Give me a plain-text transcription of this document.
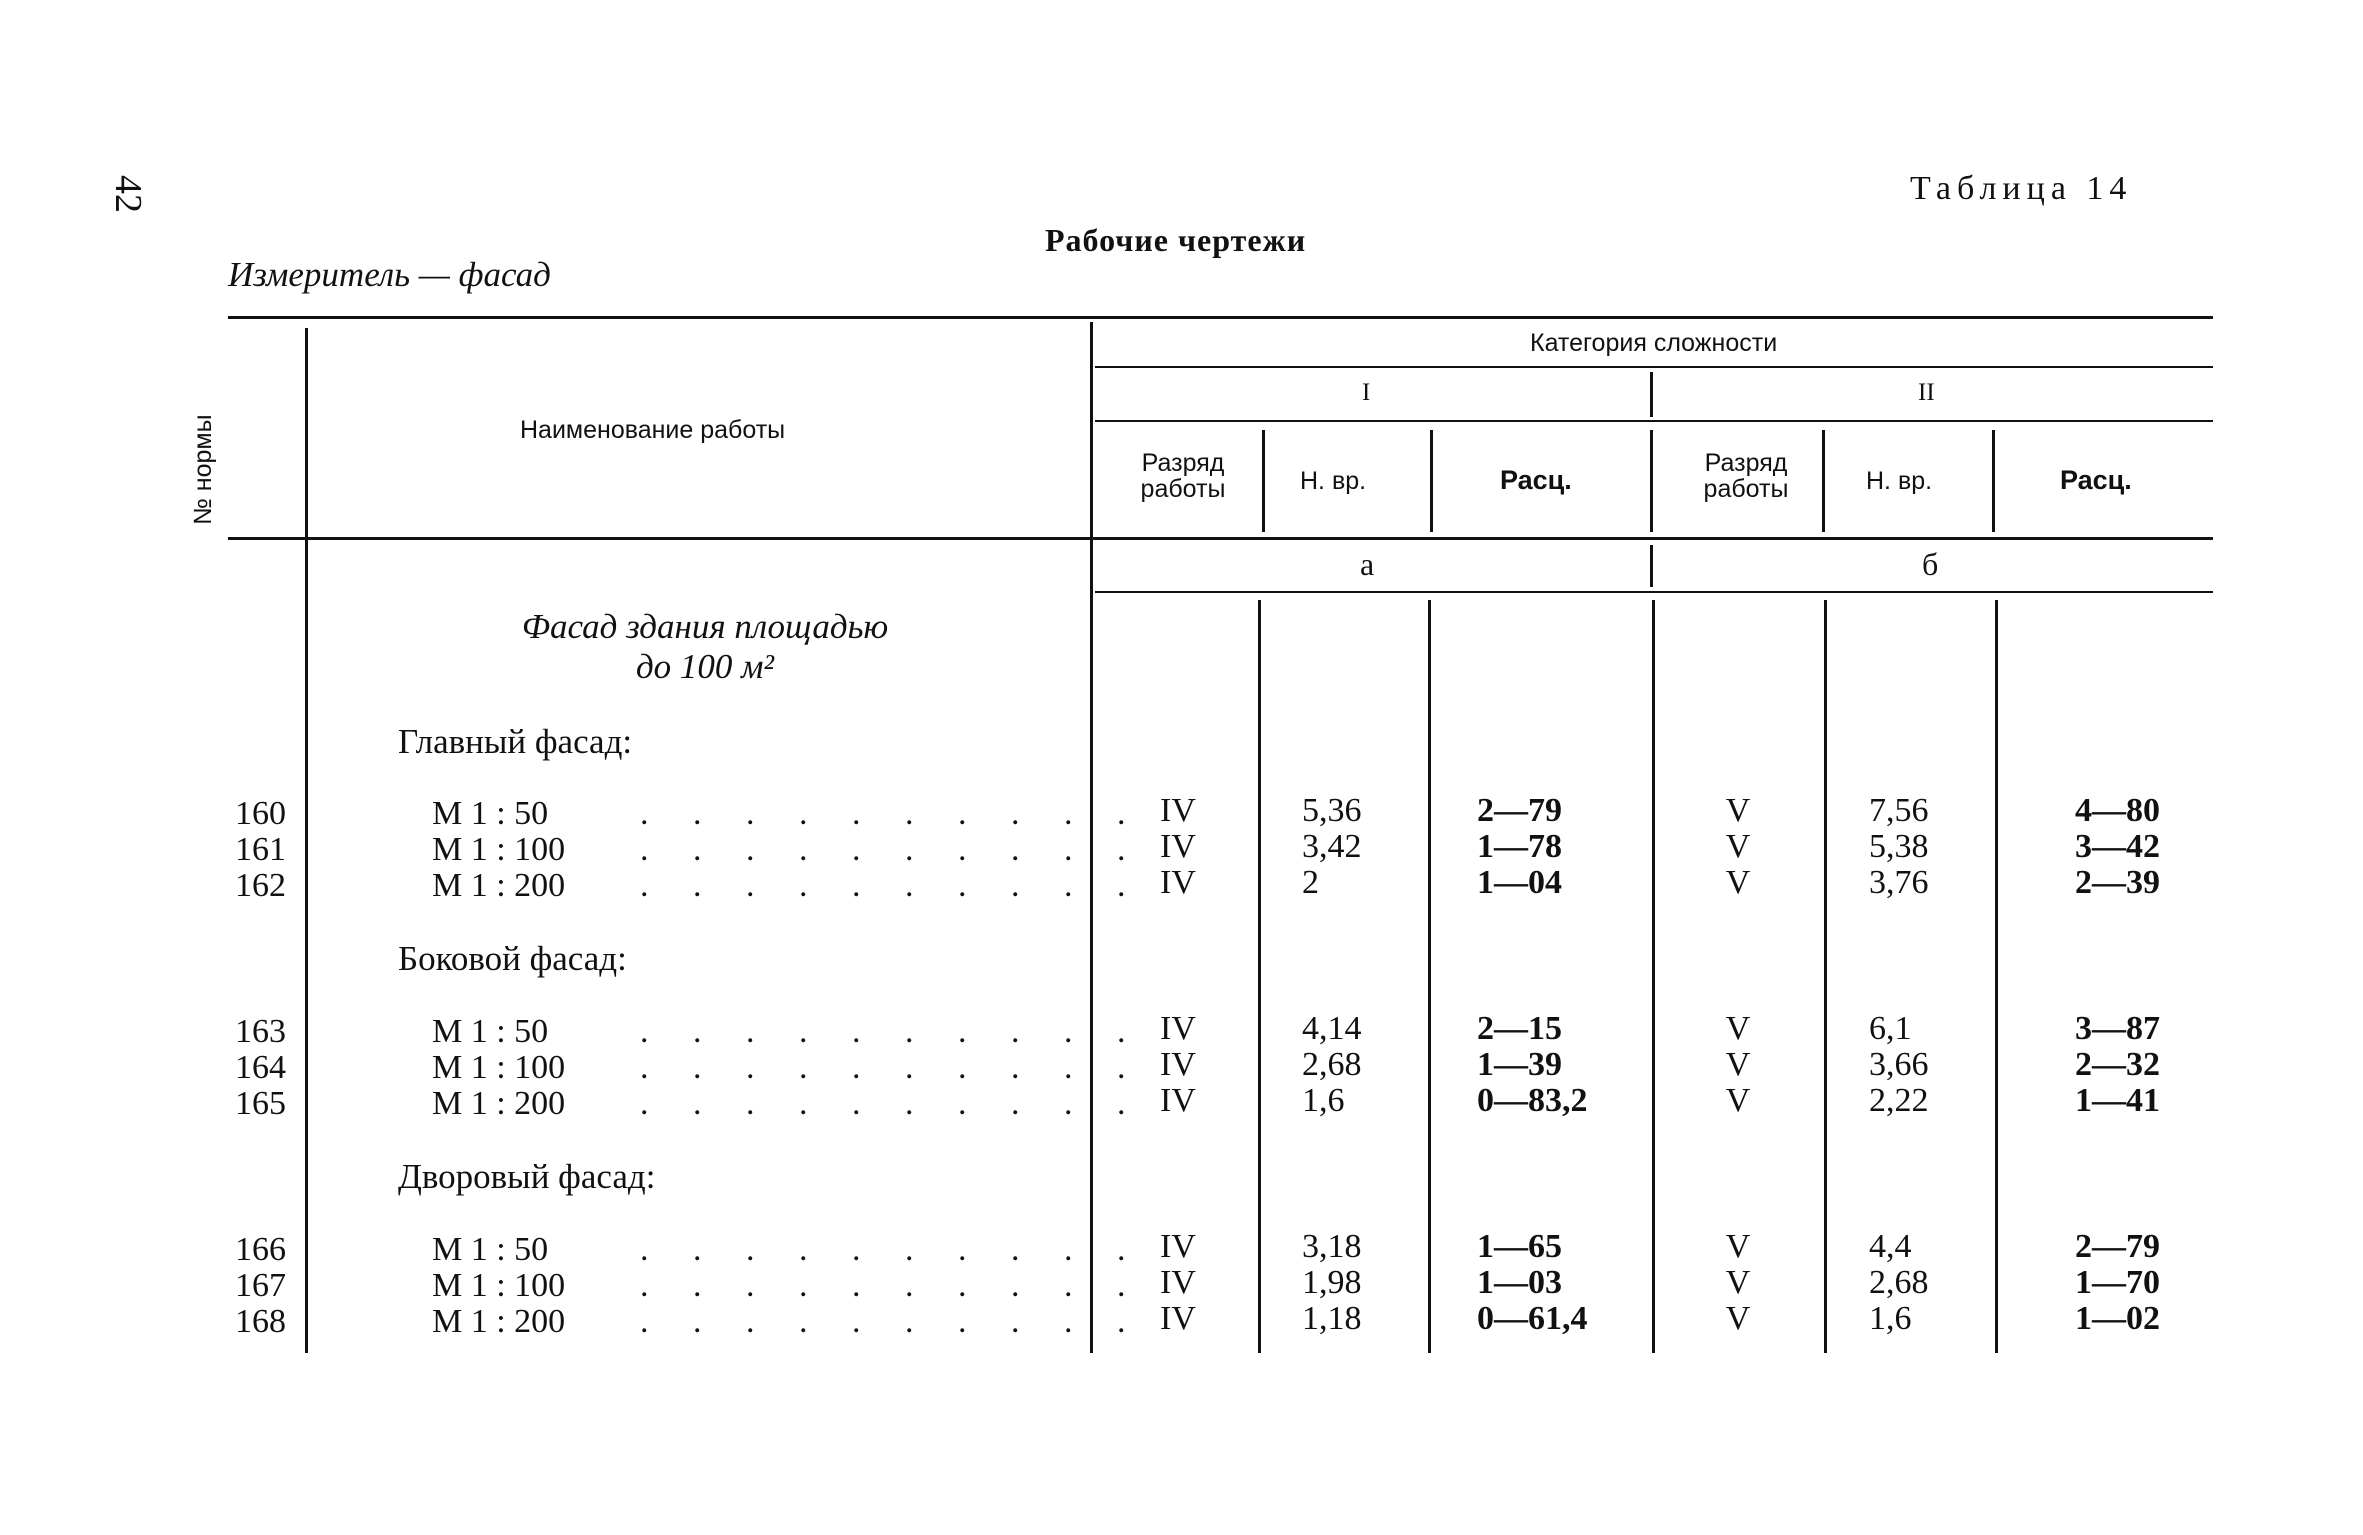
42	Таблица 14
Рабочие чертежи
Измеритель — фасад
№ нормы	Наименование работы
Категория сложности
I	II
Разряд работы	Н. вр.	Расц.
Разряд работы	Н. вр.	Расц.
а	б
Фасад здания площадью
до 100 м²
Главный фасад:
160	М 1 : 50	. . . . . . . . . . IV	5,36	2—79	V	7,56	4—80
161	М 1 : 100 . . . . . . . . . . IV	3,42	1—78	V	5,38	3—42
162	М 1 : 200 . . . . . . . . . . IV	2	1—04	V	3,76	2—39
Боковой фасад:
163	М 1 : 50	. . . . . . . . . . IV	4,14	2—15	V	6,1	3—87
164	М 1 : 100 . . . . . . . . . . IV	2,68	1—39	V	3,66	2—32
165	М 1 : 200 . . . . . . . . . . IV	1,6	0—83,2	V	2,22	1—41
Дворовый фасад:
166	М 1 : 50	. . . . . . . . . . IV	3,18	1—65	V	4,4	2—79
167	М 1 : 100 . . . . . . . . . . IV	1,98	1—03	V	2,68	1—70
168	М 1 : 200 . . . . . . . . . . IV	1,18	0—61,4	V	1,6	1—02
